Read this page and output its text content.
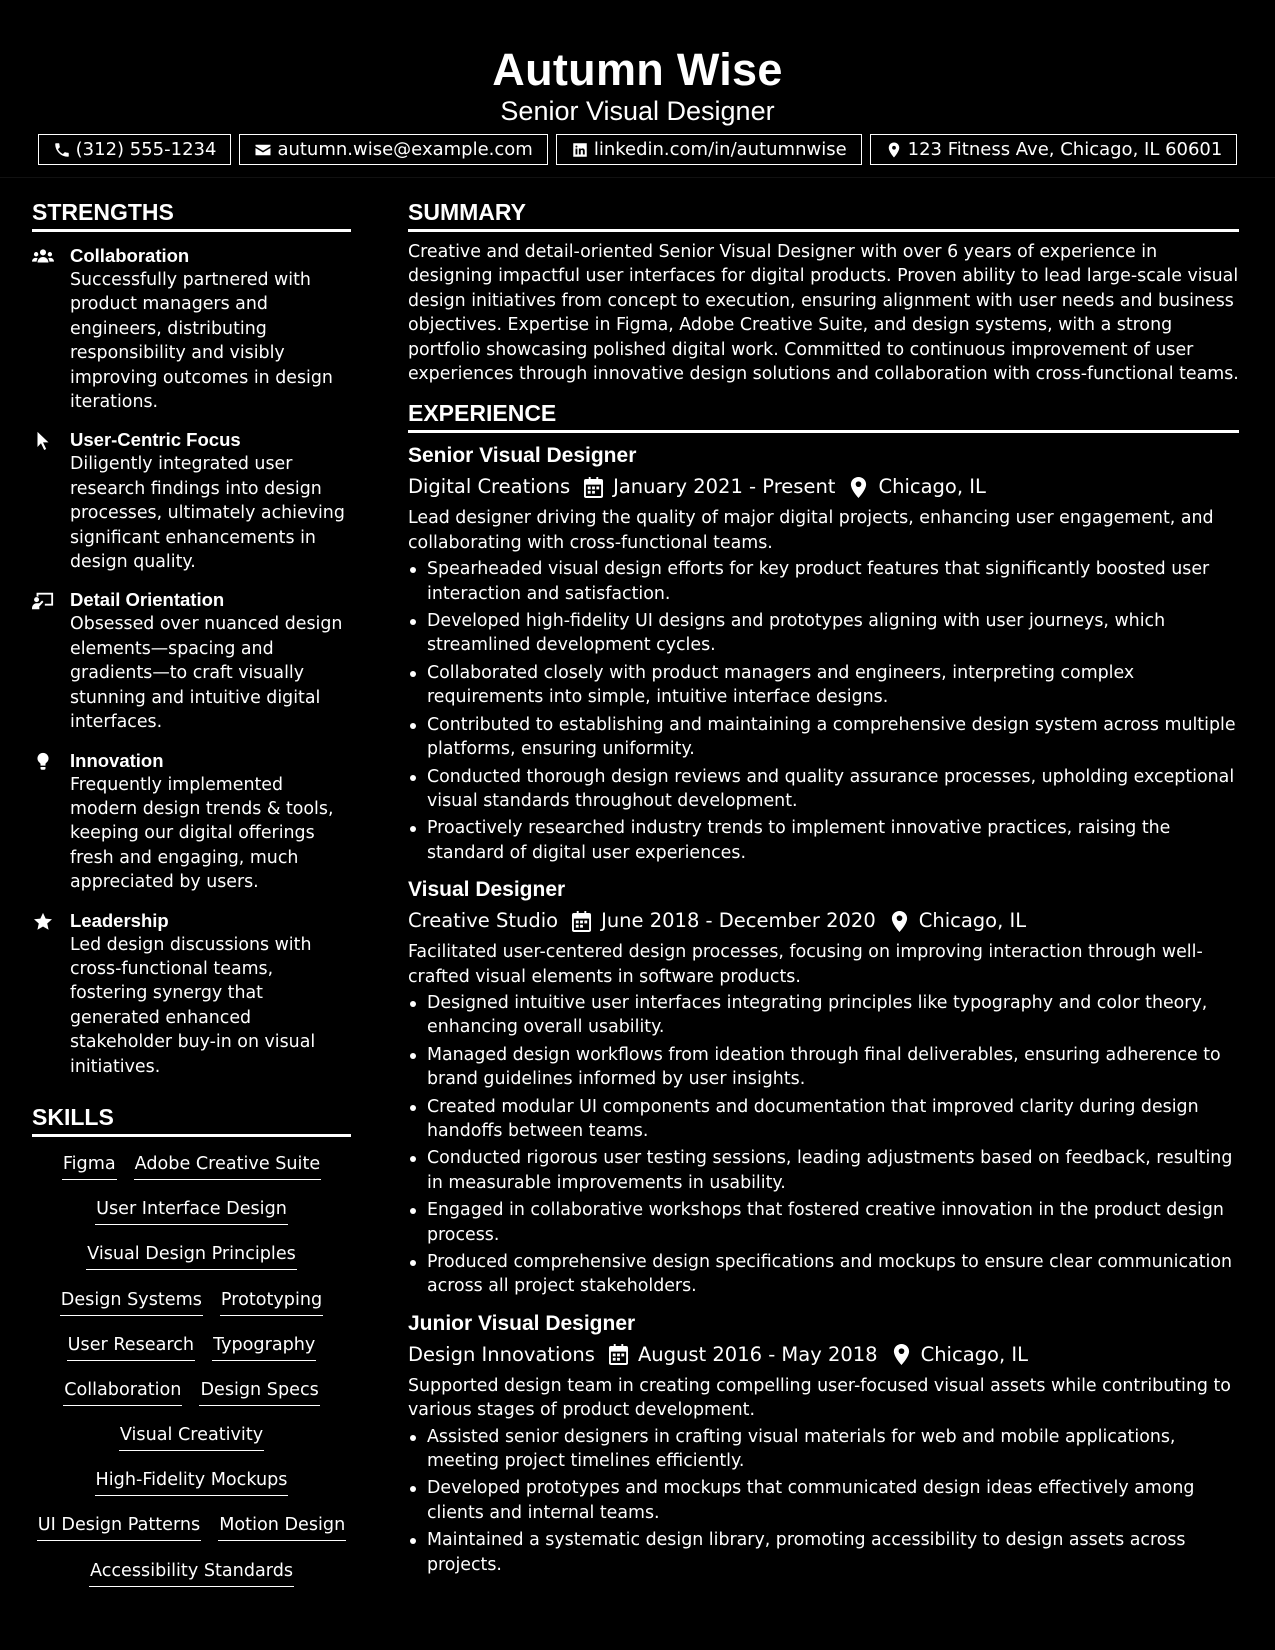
Autumn Wise
Senior Visual Designer
(312) 555-1234	autumn.wise@example.com	linkedin.com/in/autumnwise	123 Fitness Ave, Chicago, IL 60601
STRENGTHS
Collaboration
Successfully partnered with product managers and engineers, distributing responsibility and visibly improving outcomes in design iterations.
User-Centric Focus
Diligently integrated user research findings into design processes, ultimately achieving significant enhancements in design quality.
Detail Orientation
Obsessed over nuanced design elements—spacing and gradients—to craft visually stunning and intuitive digital interfaces.
Innovation
Frequently implemented modern design trends & tools, keeping our digital offerings fresh and engaging, much appreciated by users.
Leadership
Led design discussions with cross-functional teams, fostering synergy that generated enhanced stakeholder buy-in on visual initiatives.
SKILLS
Figma Adobe Creative Suite
User Interface Design
Visual Design Principles
Design Systems Prototyping
User Research Typography
Collaboration Design Specs
Visual Creativity
High-Fidelity Mockups
UI Design Patterns Motion Design
Accessibility Standards
SUMMARY
Creative and detail-oriented Senior Visual Designer with over 6 years of experience in designing impactful user interfaces for digital products. Proven ability to lead large-scale visual design initiatives from concept to execution, ensuring alignment with user needs and business objectives. Expertise in Figma, Adobe Creative Suite, and design systems, with a strong portfolio showcasing polished digital work. Committed to continuous improvement of user experiences through innovative design solutions and collaboration with cross-functional teams.
EXPERIENCE
Senior Visual Designer
Digital Creations January 2021 - Present Chicago, IL
Lead designer driving the quality of major digital projects, enhancing user engagement, and collaborating with cross-functional teams.
Spearheaded visual design efforts for key product features that significantly boosted user interaction and satisfaction.
Developed high-fidelity UI designs and prototypes aligning with user journeys, which streamlined development cycles.
Collaborated closely with product managers and engineers, interpreting complex requirements into simple, intuitive interface designs.
Contributed to establishing and maintaining a comprehensive design system across multiple platforms, ensuring uniformity.
Conducted thorough design reviews and quality assurance processes, upholding exceptional visual standards throughout development.
Proactively researched industry trends to implement innovative practices, raising the standard of digital user experiences.
Visual Designer
Creative Studio June 2018 - December 2020 Chicago, IL
Facilitated user-centered design processes, focusing on improving interaction through well-crafted visual elements in software products.
Designed intuitive user interfaces integrating principles like typography and color theory, enhancing overall usability.
Managed design workflows from ideation through final deliverables, ensuring adherence to brand guidelines informed by user insights.
Created modular UI components and documentation that improved clarity during design handoffs between teams.
Conducted rigorous user testing sessions, leading adjustments based on feedback, resulting in measurable improvements in usability.
Engaged in collaborative workshops that fostered creative innovation in the product design process.
Produced comprehensive design specifications and mockups to ensure clear communication across all project stakeholders.
Junior Visual Designer
Design Innovations August 2016 - May 2018 Chicago, IL
Supported design team in creating compelling user-focused visual assets while contributing to various stages of product development.
Assisted senior designers in crafting visual materials for web and mobile applications, meeting project timelines efficiently.
Developed prototypes and mockups that communicated design ideas effectively among clients and internal teams.
Maintained a systematic design library, promoting accessibility to design assets across projects.
